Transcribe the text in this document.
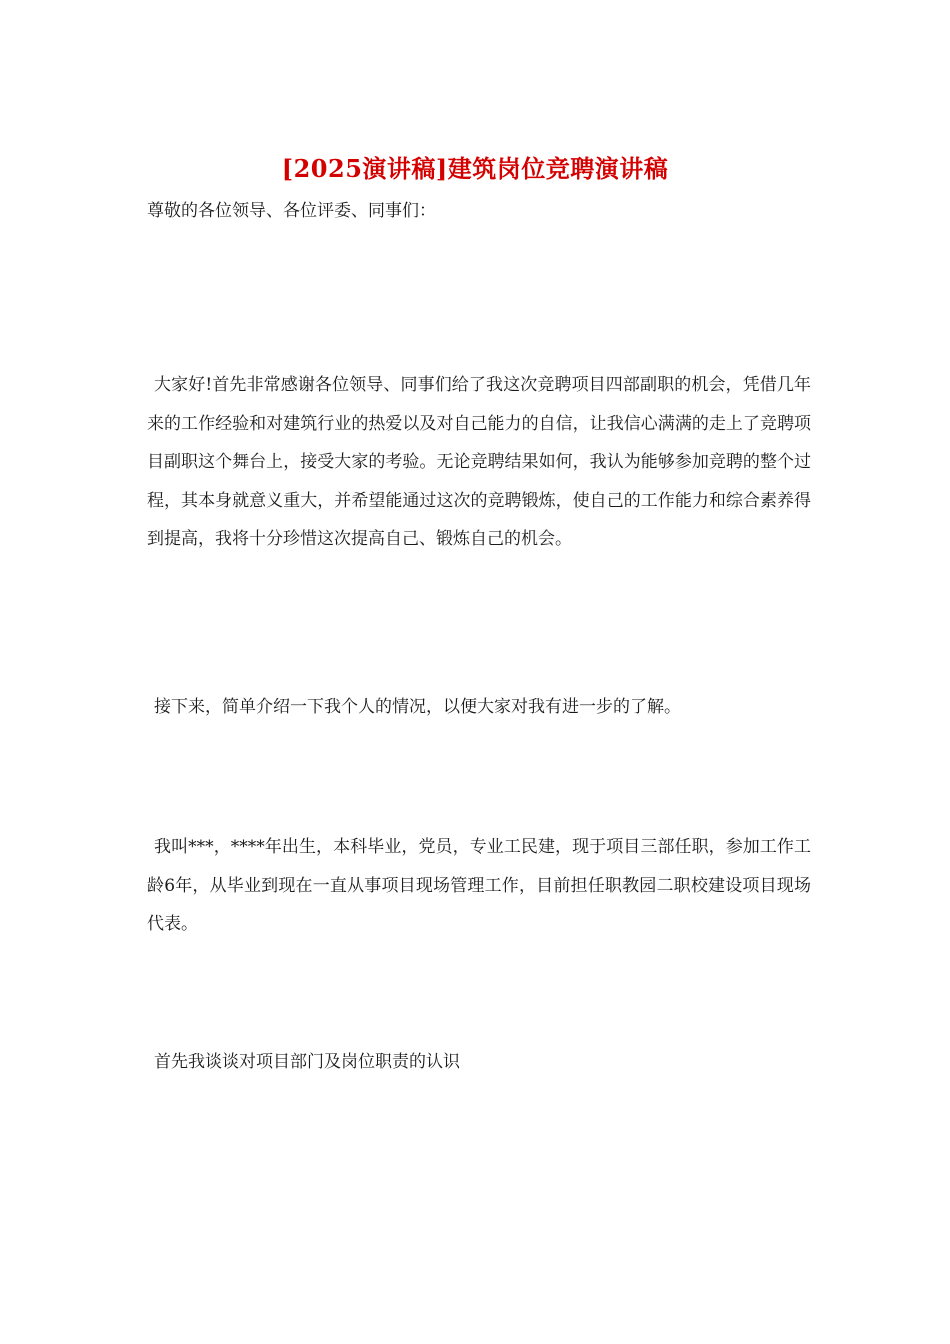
[2025演讲稿]建筑岗位竞聘演讲稿
尊敬的各位领导、各位评委、同事们：

大家好!首先非常感谢各位领导、同事们给了我这次竞聘项目四部副职的机会，凭借几年来的工作经验和对建筑行业的热爱以及对自己能力的自信，让我信心满满的走上了竞聘项目副职这个舞台上，接受大家的考验。无论竞聘结果如何，我认为能够参加竞聘的整个过程，其本身就意义重大，并希望能通过这次的竞聘锻炼，使自己的工作能力和综合素养得到提高，我将十分珍惜这次提高自己、锻炼自己的机会。

接下来，简单介绍一下我个人的情况，以便大家对我有进一步的了解。

我叫***，****年出生，本科毕业，党员，专业工民建，现于项目三部任职，参加工作工龄6年，从毕业到现在一直从事项目现场管理工作，目前担任职教园二职校建设项目现场代表。

首先我谈谈对项目部门及岗位职责的认识
